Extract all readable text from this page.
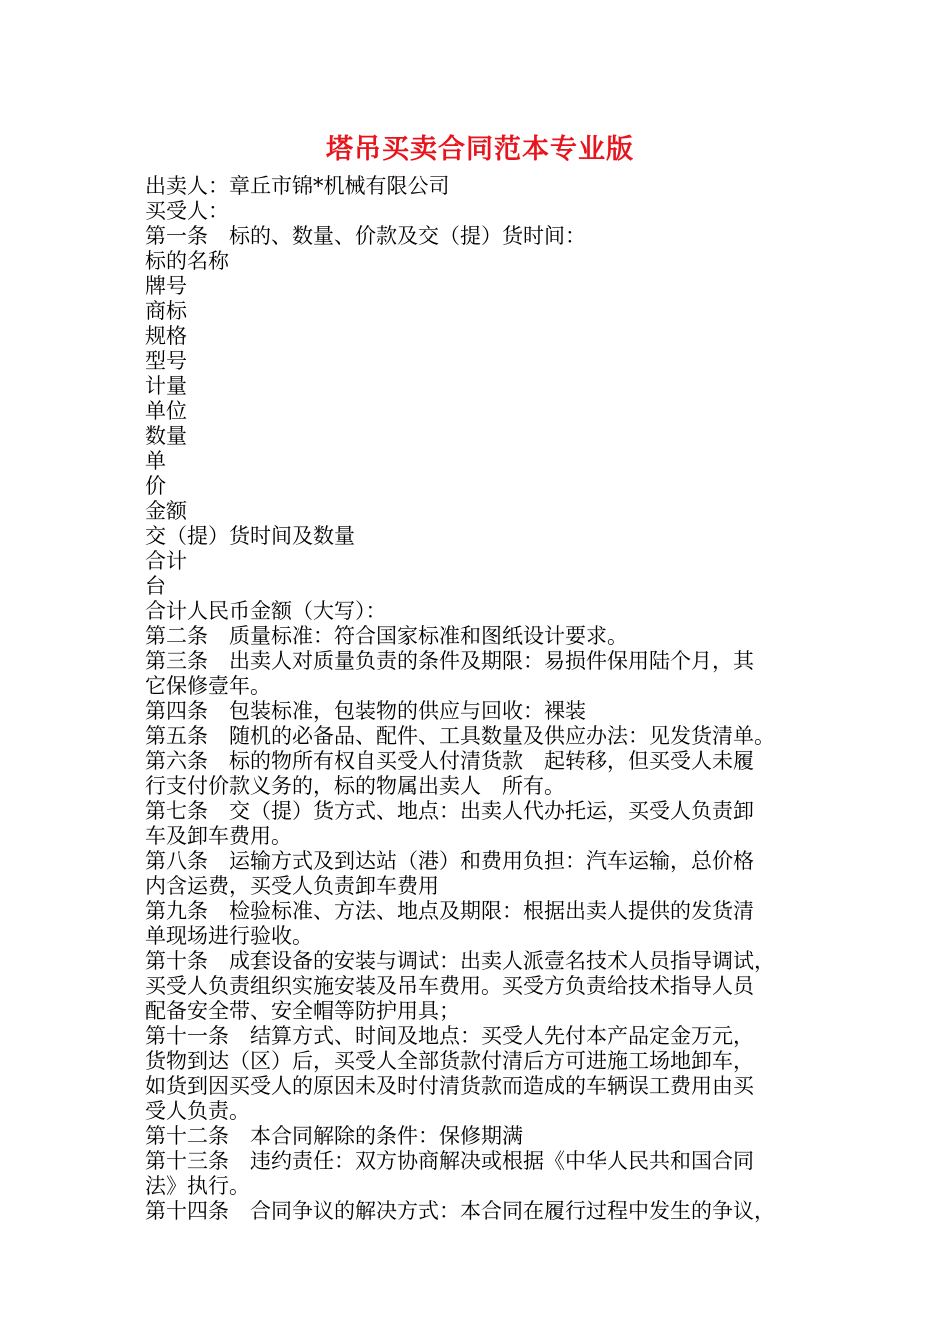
塔吊买卖合同范本专业版
出卖人：章丘市锦*机械有限公司
买受人：
第一条　标的、数量、价款及交（提）货时间：
标的名称
牌号
商标
规格
型号
计量
单位
数量
单
价
金额
交（提）货时间及数量
合计
台
合计人民币金额（大写）：
第二条　质量标准：符合国家标准和图纸设计要求。
第三条　出卖人对质量负责的条件及期限：易损件保用陆个月，其
它保修壹年。
第四条　包装标准，包装物的供应与回收：裸装
第五条　随机的必备品、配件、工具数量及供应办法：见发货清单。
第六条　标的物所有权自买受人付清货款　起转移，但买受人未履
行支付价款义务的，标的物属出卖人　所有。
第七条　交（提）货方式、地点：出卖人代办托运，买受人负责卸
车及卸车费用。
第八条　运输方式及到达站（港）和费用负担：汽车运输，总价格
内含运费，买受人负责卸车费用
第九条　检验标准、方法、地点及期限：根据出卖人提供的发货清
单现场进行验收。
第十条　成套设备的安装与调试：出卖人派壹名技术人员指导调试，
买受人负责组织实施安装及吊车费用。买受方负责给技术指导人员
配备安全带、安全帽等防护用具；
第十一条　结算方式、时间及地点：买受人先付本产品定金万元，
货物到达（区）后，买受人全部货款付清后方可进施工场地卸车，
如货到因买受人的原因未及时付清货款而造成的车辆误工费用由买
受人负责。
第十二条　本合同解除的条件：保修期满
第十三条　违约责任：双方协商解决或根据《中华人民共和国合同
法》执行。
第十四条　合同争议的解决方式：本合同在履行过程中发生的争议，
